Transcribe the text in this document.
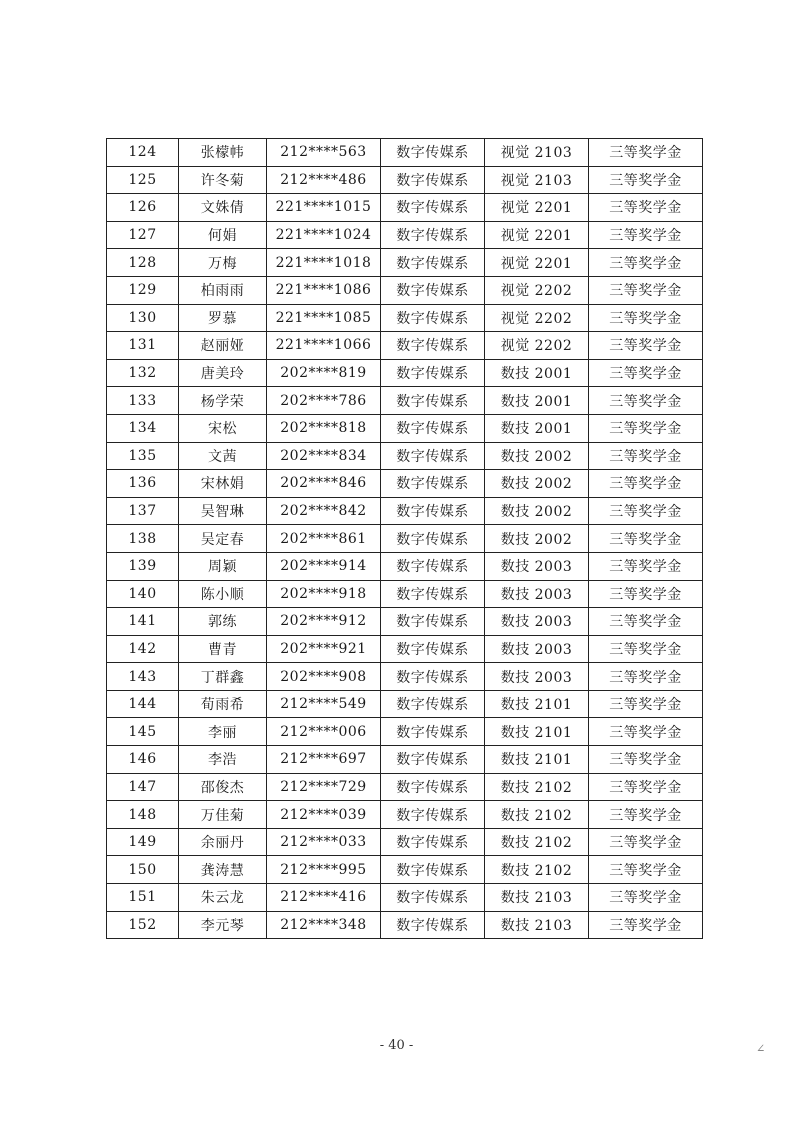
124	张檬帏	212****563	数字传媒系	视觉 2103	三等奖学金
125	许冬菊	212****486	数字传媒系	视觉 2103	三等奖学金
126	文姝倩	221****1015	数字传媒系	视觉 2201	三等奖学金
127	何娟	221****1024	数字传媒系	视觉 2201	三等奖学金
128	万梅	221****1018	数字传媒系	视觉 2201	三等奖学金
129	柏雨雨	221****1086	数字传媒系	视觉 2202	三等奖学金
130	罗慕	221****1085	数字传媒系	视觉 2202	三等奖学金
131	赵丽娅	221****1066	数字传媒系	视觉 2202	三等奖学金
132	唐美玲	202****819	数字传媒系	数技 2001	三等奖学金
133	杨学荣	202****786	数字传媒系	数技 2001	三等奖学金
134	宋松	202****818	数字传媒系	数技 2001	三等奖学金
135	文茜	202****834	数字传媒系	数技 2002	三等奖学金
136	宋林娟	202****846	数字传媒系	数技 2002	三等奖学金
137	吴智琳	202****842	数字传媒系	数技 2002	三等奖学金
138	吴定春	202****861	数字传媒系	数技 2002	三等奖学金
139	周颖	202****914	数字传媒系	数技 2003	三等奖学金
140	陈小顺	202****918	数字传媒系	数技 2003	三等奖学金
141	郭练	202****912	数字传媒系	数技 2003	三等奖学金
142	曹青	202****921	数字传媒系	数技 2003	三等奖学金
143	丁群鑫	202****908	数字传媒系	数技 2003	三等奖学金
144	荀雨希	212****549	数字传媒系	数技 2101	三等奖学金
145	李丽	212****006	数字传媒系	数技 2101	三等奖学金
146	李浩	212****697	数字传媒系	数技 2101	三等奖学金
147	邵俊杰	212****729	数字传媒系	数技 2102	三等奖学金
148	万佳菊	212****039	数字传媒系	数技 2102	三等奖学金
149	余丽丹	212****033	数字传媒系	数技 2102	三等奖学金
150	龚涛慧	212****995	数字传媒系	数技 2102	三等奖学金
151	朱云龙	212****416	数字传媒系	数技 2103	三等奖学金
152	李元琴	212****348	数字传媒系	数技 2103	三等奖学金
- 40 -	∠
